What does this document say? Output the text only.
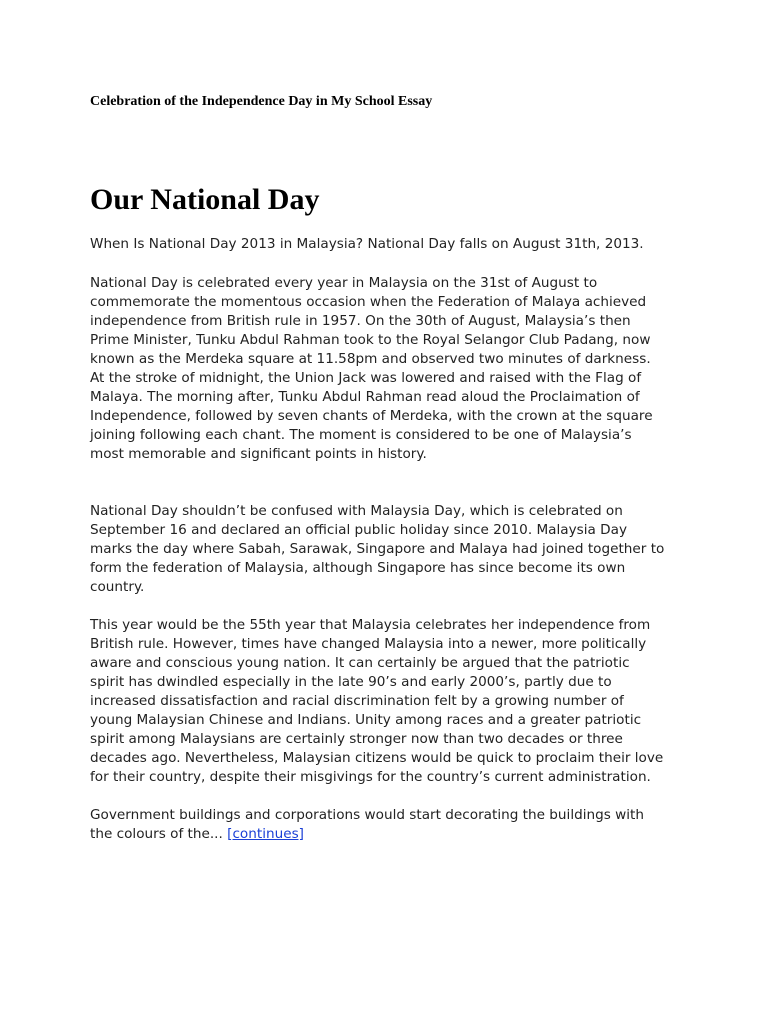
Celebration of the Independence Day in My School Essay
Our National Day
When Is National Day 2013 in Malaysia? National Day falls on August 31th, 2013.
National Day is celebrated every year in Malaysia on the 31st of August to
commemorate the momentous occasion when the Federation of Malaya achieved
independence from British rule in 1957. On the 30th of August, Malaysia’s then
Prime Minister, Tunku Abdul Rahman took to the Royal Selangor Club Padang, now
known as the Merdeka square at 11.58pm and observed two minutes of darkness.
At the stroke of midnight, the Union Jack was lowered and raised with the Flag of
Malaya. The morning after, Tunku Abdul Rahman read aloud the Proclaimation of
Independence, followed by seven chants of Merdeka, with the crown at the square
joining following each chant. The moment is considered to be one of Malaysia’s
most memorable and significant points in history.
National Day shouldn’t be confused with Malaysia Day, which is celebrated on
September 16 and declared an official public holiday since 2010. Malaysia Day
marks the day where Sabah, Sarawak, Singapore and Malaya had joined together to
form the federation of Malaysia, although Singapore has since become its own
country.
This year would be the 55th year that Malaysia celebrates her independence from
British rule. However, times have changed Malaysia into a newer, more politically
aware and conscious young nation. It can certainly be argued that the patriotic
spirit has dwindled especially in the late 90’s and early 2000’s, partly due to
increased dissatisfaction and racial discrimination felt by a growing number of
young Malaysian Chinese and Indians. Unity among races and a greater patriotic
spirit among Malaysians are certainly stronger now than two decades or three
decades ago. Nevertheless, Malaysian citizens would be quick to proclaim their love
for their country, despite their misgivings for the country’s current administration.
Government buildings and corporations would start decorating the buildings with
the colours of the... [continues]
